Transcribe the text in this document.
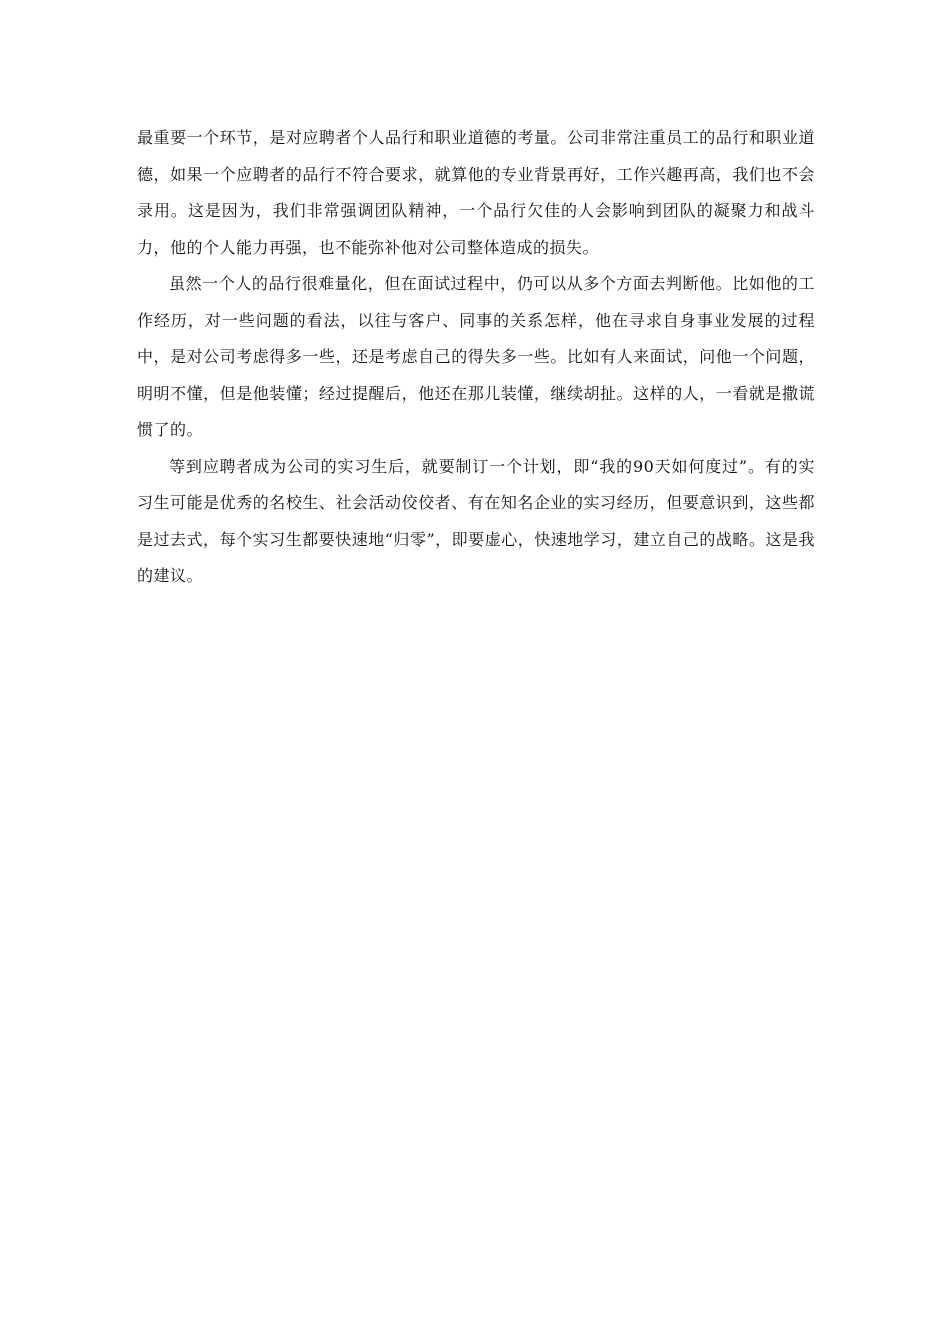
最重要一个环节，是对应聘者个人品行和职业道德的考量。公司非常注重员工的品行和职业道德，如果一个应聘者的品行不符合要求，就算他的专业背景再好，工作兴趣再高，我们也不会录用。这是因为，我们非常强调团队精神，一个品行欠佳的人会影响到团队的凝聚力和战斗力，他的个人能力再强，也不能弥补他对公司整体造成的损失。

虽然一个人的品行很难量化，但在面试过程中，仍可以从多个方面去判断他。比如他的工作经历，对一些问题的看法，以往与客户、同事的关系怎样，他在寻求自身事业发展的过程中，是对公司考虑得多一些，还是考虑自己的得失多一些。比如有人来面试，问他一个问题，明明不懂，但是他装懂；经过提醒后，他还在那儿装懂，继续胡扯。这样的人，一看就是撒谎惯了的。

等到应聘者成为公司的实习生后，就要制订一个计划，即“我的90天如何度过”。有的实习生可能是优秀的名校生、社会活动佼佼者、有在知名企业的实习经历，但要意识到，这些都是过去式，每个实习生都要快速地“归零”，即要虚心，快速地学习，建立自己的战略。这是我的建议。
